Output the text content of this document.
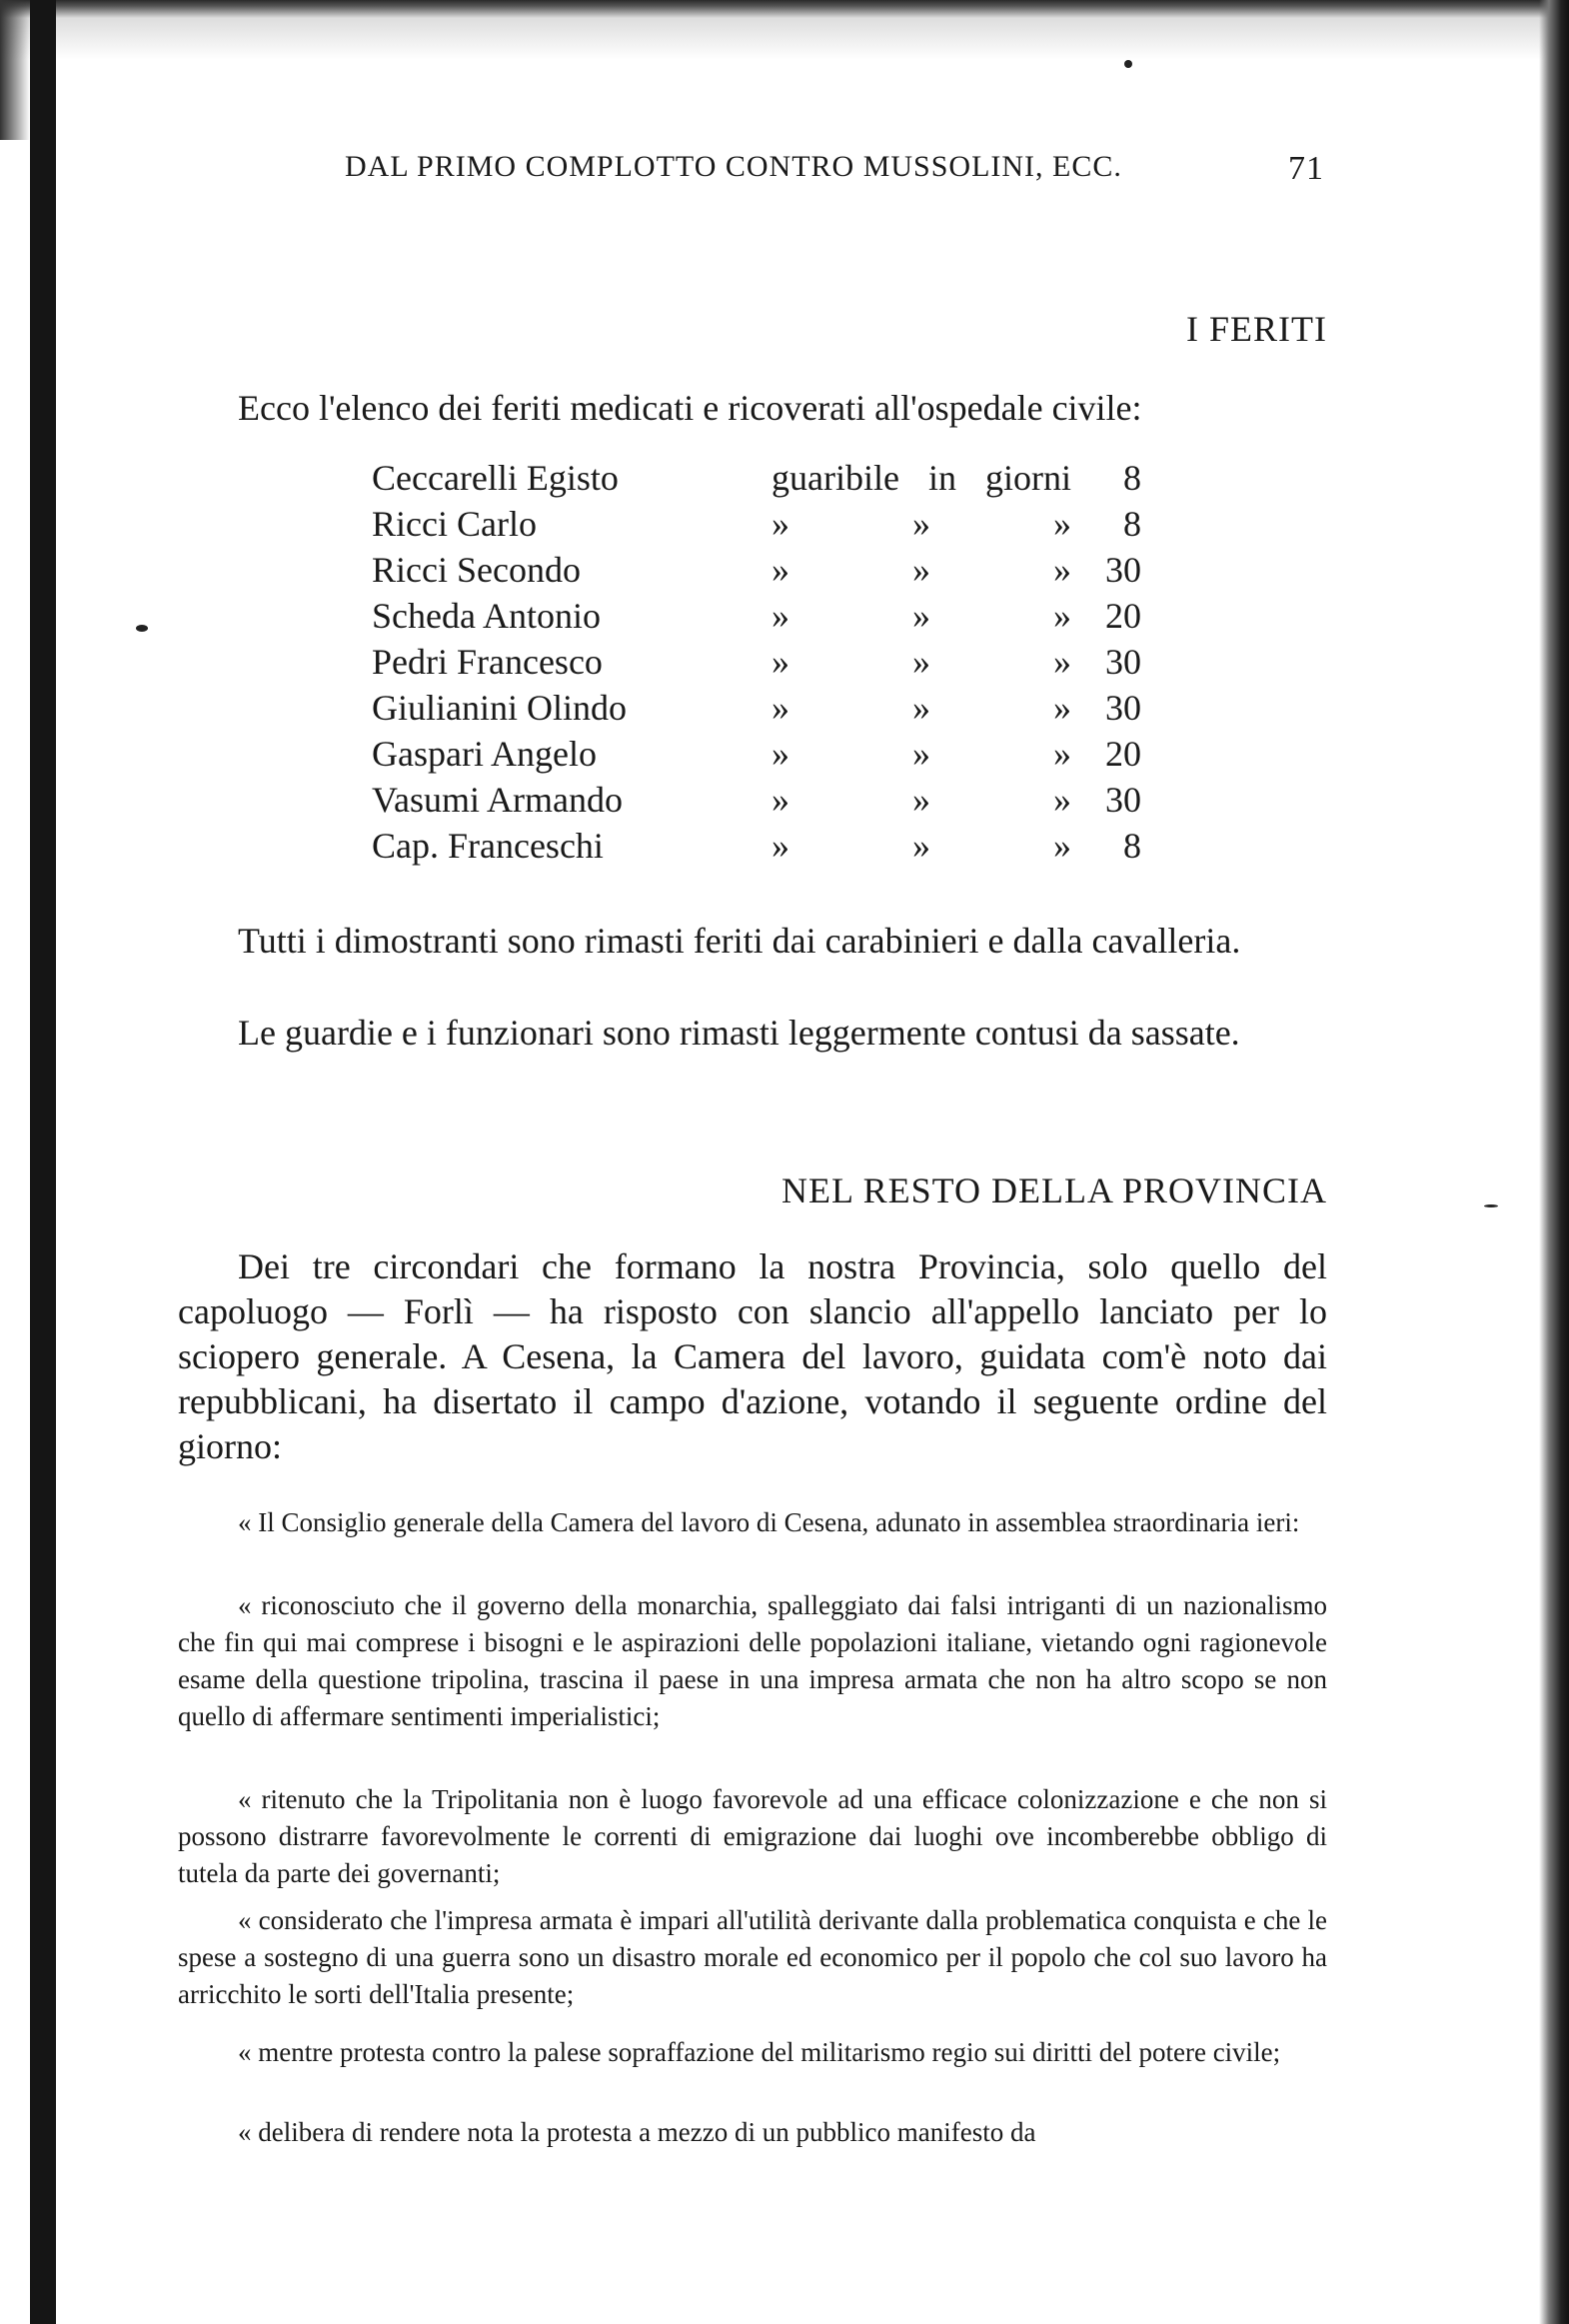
DAL PRIMO COMPLOTTO CONTRO MUSSOLINI, ECC.	71
I FERITI
Ecco l'elenco dei feriti medicati e ricoverati all'ospedale civile:
Ceccarelli Egisto	guaribile in giorni	8
Ricci Carlo	»	»	»	8
Ricci Secondo	»	»	» 30
Scheda Antonio	»	»	» 20
Pedri Francesco	»	»	» 30
Giulianini Olindo	»	»	» 30
Gaspari Angelo	»	»	» 20
Vasumi Armando	»	»	» 30
Cap. Franceschi	»	»	»	8
Tutti i dimostranti sono rimasti feriti dai carabinieri e dalla cavalleria.
Le guardie e i funzionari sono rimasti leggermente contusi da sassate.
NEL RESTO DELLA PROVINCIA
Dei tre circondari che formano la nostra Provincia, solo quello del capoluogo — Forlì — ha risposto con slancio all'appello lanciato per lo sciopero generale. A Cesena, la Camera del lavoro, guidata com'è noto dai repubblicani, ha disertato il campo d'azione, votando il seguente ordine del giorno:
« Il Consiglio generale della Camera del lavoro di Cesena, adunato in assemblea straordinaria ieri:
« riconosciuto che il governo della monarchia, spalleggiato dai falsi intriganti di un nazionalismo che fin qui mai comprese i bisogni e le aspirazioni delle popolazioni italiane, vietando ogni ragionevole esame della questione tripolina, trascina il paese in una impresa armata che non ha altro scopo se non quello di affermare sentimenti imperialistici;
« ritenuto che la Tripolitania non è luogo favorevole ad una efficace colonizzazione e che non si possono distrarre favorevolmente le correnti di emigrazione dai luoghi ove incomberebbe obbligo di tutela da parte dei governanti;
« considerato che l'impresa armata è impari all'utilità derivante dalla problematica conquista e che le spese a sostegno di una guerra sono un disastro morale ed economico per il popolo che col suo lavoro ha arricchito le sorti dell'Italia presente;
« mentre protesta contro la palese sopraffazione del militarismo regio sui diritti del potere civile;
« delibera di rendere nota la protesta a mezzo di un pubblico manifesto da
